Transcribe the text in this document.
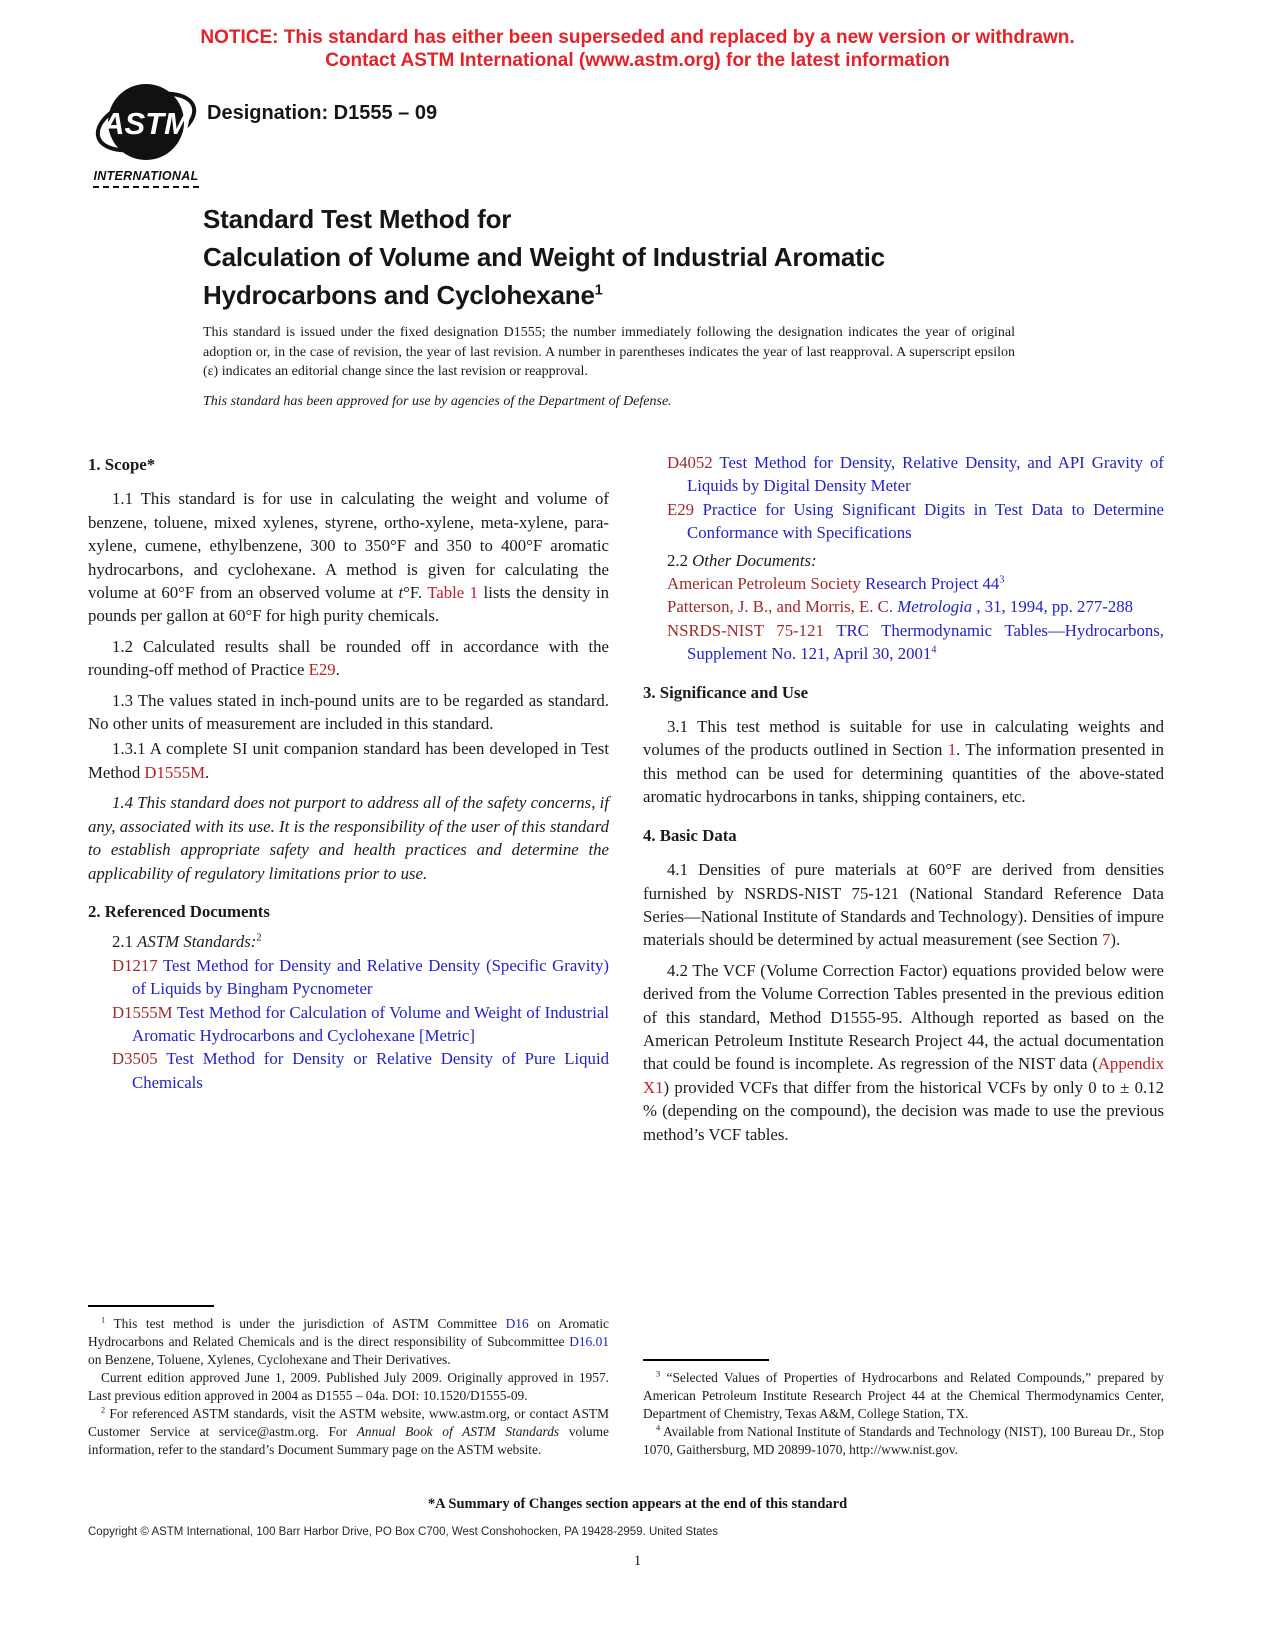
NOTICE: This standard has either been superseded and replaced by a new version or withdrawn.
Contact ASTM International (www.astm.org) for the latest information
ASTM
INTERNATIONAL
Designation: D1555 – 09
Standard Test Method for
Calculation of Volume and Weight of Industrial Aromatic Hydrocarbons and Cyclohexane$^1$
This standard is issued under the fixed designation D1555; the number immediately following the designation indicates the year of original adoption or, in the case of revision, the year of last revision. A number in parentheses indicates the year of last reapproval. A superscript epsilon (ε) indicates an editorial change since the last revision or reapproval.
This standard has been approved for use by agencies of the Department of Defense.
1. Scope*

1.1 This standard is for use in calculating the weight and volume of benzene, toluene, mixed xylenes, styrene, ortho-xylene, meta-xylene, para-xylene, cumene, ethylbenzene, 300 to 350°F and 350 to 400°F aromatic hydrocarbons, and cyclohexane. A method is given for calculating the volume at 60°F from an observed volume at t°F. Table 1 lists the density in pounds per gallon at 60°F for high purity chemicals.

1.2 Calculated results shall be rounded off in accordance with the rounding-off method of Practice E29.

1.3 The values stated in inch-pound units are to be regarded as standard. No other units of measurement are included in this standard.

1.3.1 A complete SI unit companion standard has been developed in Test Method D1555M.

1.4 This standard does not purport to address all of the safety concerns, if any, associated with its use. It is the responsibility of the user of this standard to establish appropriate safety and health practices and determine the applicability of regulatory limitations prior to use.

2. Referenced Documents

2.1 ASTM Standards:$^2$

D1217 Test Method for Density and Relative Density (Specific Gravity) of Liquids by Bingham Pycnometer
D1555M Test Method for Calculation of Volume and Weight of Industrial Aromatic Hydrocarbons and Cyclohexane [Metric]
D3505 Test Method for Density or Relative Density of Pure Liquid Chemicals

$^1$ This test method is under the jurisdiction of ASTM Committee D16 on Aromatic Hydrocarbons and Related Chemicals and is the direct responsibility of Subcommittee D16.01 on Benzene, Toluene, Xylenes, Cyclohexane and Their Derivatives.

Current edition approved June 1, 2009. Published July 2009. Originally approved in 1957. Last previous edition approved in 2004 as D1555 – 04a. DOI: 10.1520/D1555-09.

$^2$ For referenced ASTM standards, visit the ASTM website, www.astm.org, or contact ASTM Customer Service at service@astm.org. For Annual Book of ASTM Standards volume information, refer to the standard’s Document Summary page on the ASTM website.

D4052 Test Method for Density, Relative Density, and API Gravity of Liquids by Digital Density Meter
E29 Practice for Using Significant Digits in Test Data to Determine Conformance with Specifications

2.2 Other Documents:

American Petroleum Society Research Project $44^3$
Patterson, J. B., and Morris, E. C. Metrologia , 31, 1994, pp. 277-288
NSRDS-NIST 75-121 TRC Thermodynamic Tables—Hydrocarbons, Supplement No. 121, April 30, 2001$^4$
3. Significance and Use

3.1 This test method is suitable for use in calculating weights and volumes of the products outlined in Section 1. The information presented in this method can be used for determining quantities of the above-stated aromatic hydrocarbons in tanks, shipping containers, etc.

4. Basic Data

4.1 Densities of pure materials at 60°F are derived from densities furnished by NSRDS-NIST 75-121 (National Standard Reference Data Series—National Institute of Standards and Technology). Densities of impure materials should be determined by actual measurement (see Section 7).

4.2 The VCF (Volume Correction Factor) equations provided below were derived from the Volume Correction Tables presented in the previous edition of this standard, Method D1555-95. Although reported as based on the American Petroleum Institute Research Project 44, the actual documentation that could be found is incomplete. As regression of the NIST data (Appendix X1) provided VCFs that differ from the historical VCFs by only 0 to ± 0.12 % (depending on the compound), the decision was made to use the previous method’s VCF tables.

$^3$ “Selected Values of Properties of Hydrocarbons and Related Compounds,” prepared by American Petroleum Institute Research Project 44 at the Chemical Thermodynamics Center, Department of Chemistry, Texas A&M, College Station, TX.

$^4$ Available from National Institute of Standards and Technology (NIST), 100 Bureau Dr., Stop 1070, Gaithersburg, MD 20899-1070, http://www.nist.gov.

*A Summary of Changes section appears at the end of this standard
Copyright © ASTM International, 100 Barr Harbor Drive, PO Box C700, West Conshohocken, PA 19428-2959. United States
1
